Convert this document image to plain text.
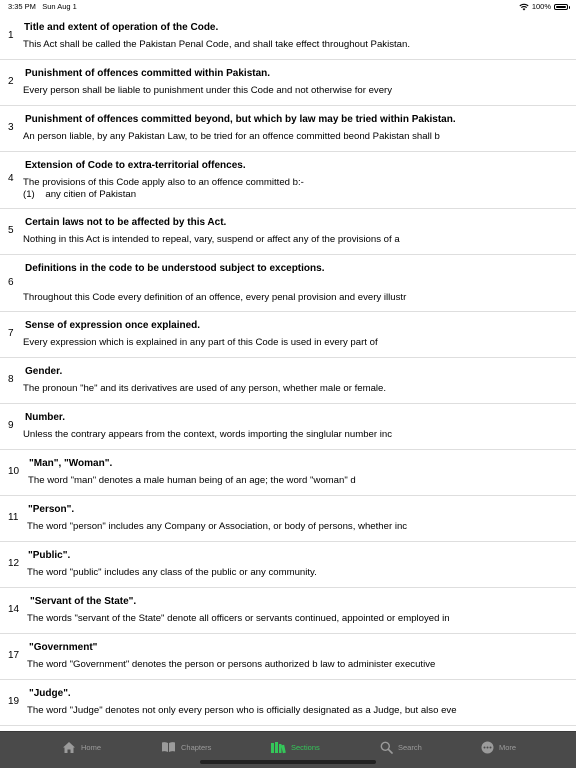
3:35 PM Sun Aug 1	100%
1
Title and extent of operation of the Code.
This Act shall be called the Pakistan Penal Code, and shall take effect throughout Pakistan.
2
Punishment of offences committed within Pakistan.
Every person shall be liable to punishment under this Code and not otherwise for every
3
Punishment of offences committed beyond, but which by law may be tried within Pakistan.
An person liable, by any Pakistan Law, to be tried for an offence committed beond Pakistan shall b
4
Extension of Code to extra-territorial offences.
The provisions of this Code apply also to an offence committed b:-
(1)    any citien of Pakistan
5
Certain laws not to be affected by this Act.
Nothing in this Act is intended to repeal, vary, suspend or affect any of the provisions of a
6
Definitions in the code to be understood subject to exceptions.
Throughout this Code every definition of an offence, every penal provision and every illustr
7
Sense of expression once explained.
Every expression which is explained in any part of this Code is used in every part of
8
Gender.
The pronoun "he" and its derivatives are used of any person, whether male or female.
9
Number.
Unless the contrary appears from the context, words importing the singlular number inc
10
"Man", "Woman".
The word "man" denotes a male human being of an age; the word "woman" d
11
"Person".
The word "person" includes any Company or Association, or body of persons, whether inc
12
"Public".
The word "public" includes any class of the public or any community.
14
"Servant of the State".
The words "servant of the State" denote all officers or servants continued, appointed or employed in
17
"Government"
The word "Government" denotes the person or persons authorized b law to administer executive
19
"Judge".
The word "Judge" denotes not only every person who is officially designated as a Judge, but also eve
Home	Chapters	Sections	Search	More
